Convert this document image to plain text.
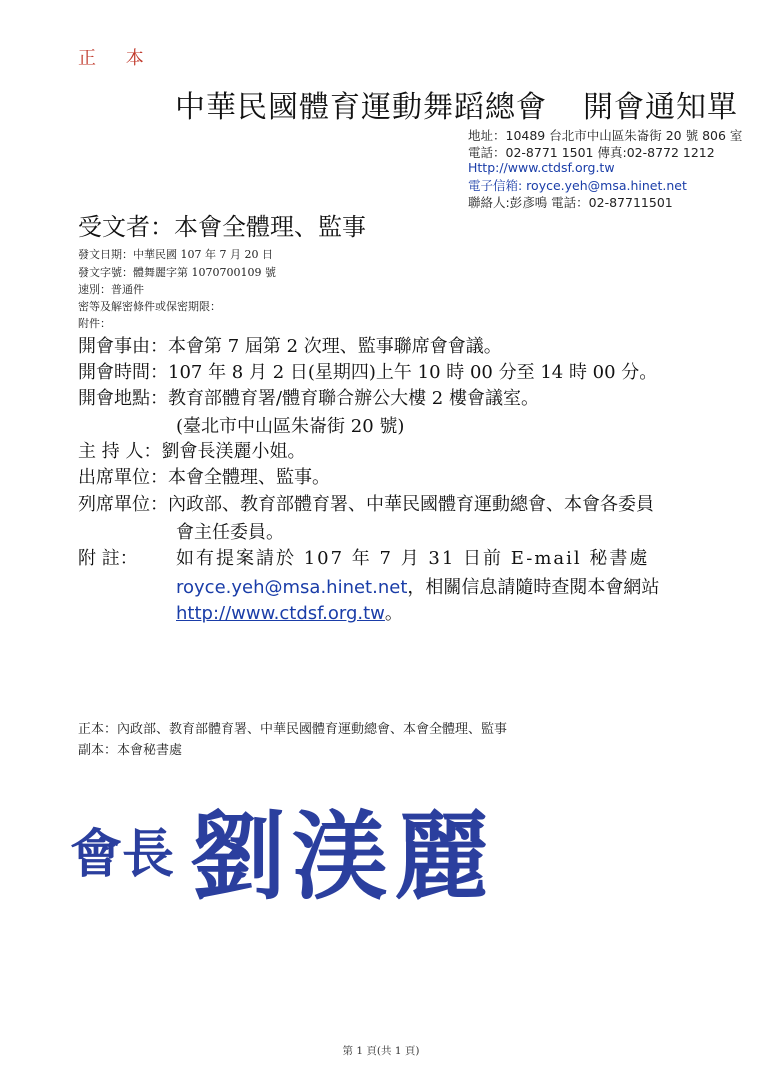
正 本
中華民國體育運動舞蹈總會 開會通知單
地址：10489 台北市中山區朱崙街 20 號 806 室
電話：02-8771 1501 傳真:02-8772 1212
Http://www.ctdsf.org.tw
電子信箱: royce.yeh@msa.hinet.net
聯絡人:彭彥鳴 電話：02-87711501
受文者：本會全體理、監事
發文日期：中華民國 107 年 7 月 20 日
發文字號：體舞麗字第 1070700109 號
速別：普通件
密等及解密條件或保密期限：
附件：
開會事由：本會第 7 屆第 2 次理、監事聯席會會議。
開會時間：107 年 8 月 2 日(星期四)上午 10 時 00 分至 14 時 00 分。
開會地點：教育部體育署/體育聯合辦公大樓 2 樓會議室。
(臺北市中山區朱崙街 20 號)
主 持 人：劉會長渼麗小姐。
出席單位：本會全體理、監事。
列席單位：內政部、教育部體育署、中華民國體育運動總會、本會各委員
會主任委員。
附 註： 如有提案請於 107 年 7 月 31 日前 E-mail 秘書處
royce.yeh@msa.hinet.net，相關信息請隨時查閱本會網站
http://www.ctdsf.org.tw。
正本：內政部、教育部體育署、中華民國體育運動總會、本會全體理、監事
副本：本會秘書處
會長 劉渼麗
第 1 頁(共 1 頁)
